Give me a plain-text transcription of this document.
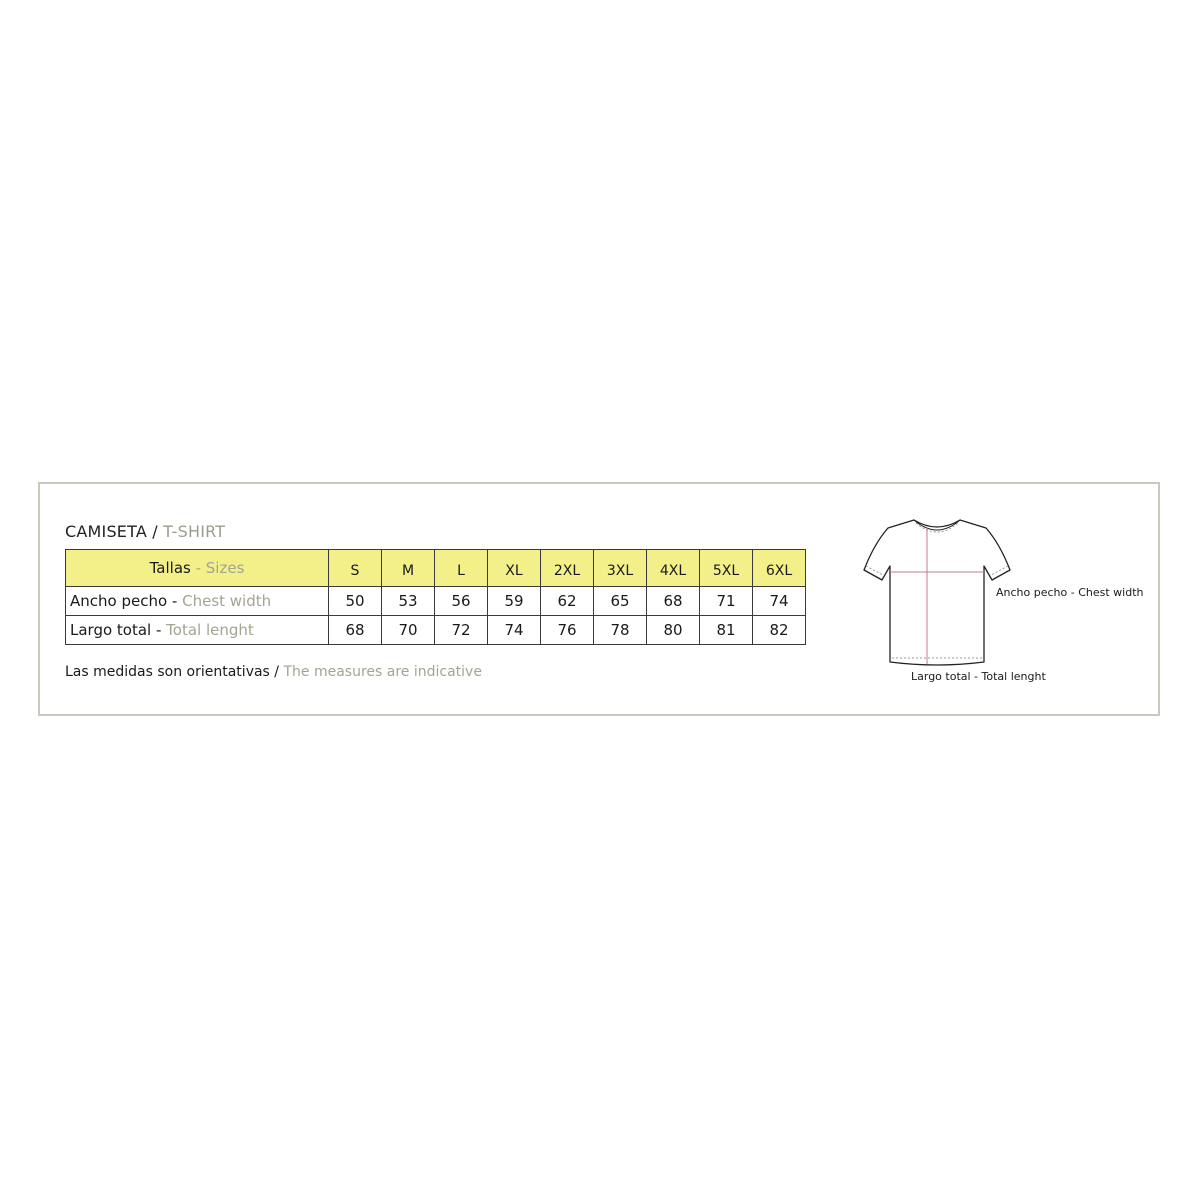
CAMISETA / T-SHIRT
Tallas - Sizes	S	M	L	XL	2XL	3XL	4XL	5XL	6XL
Ancho pecho - Chest width	50	53	56	59	62	65	68	71	74
Largo total - Total lenght	68	70	72	74	76	78	80	81	82
Las medidas son orientativas / The measures are indicative
Ancho pecho - Chest width
Largo total - Total lenght
